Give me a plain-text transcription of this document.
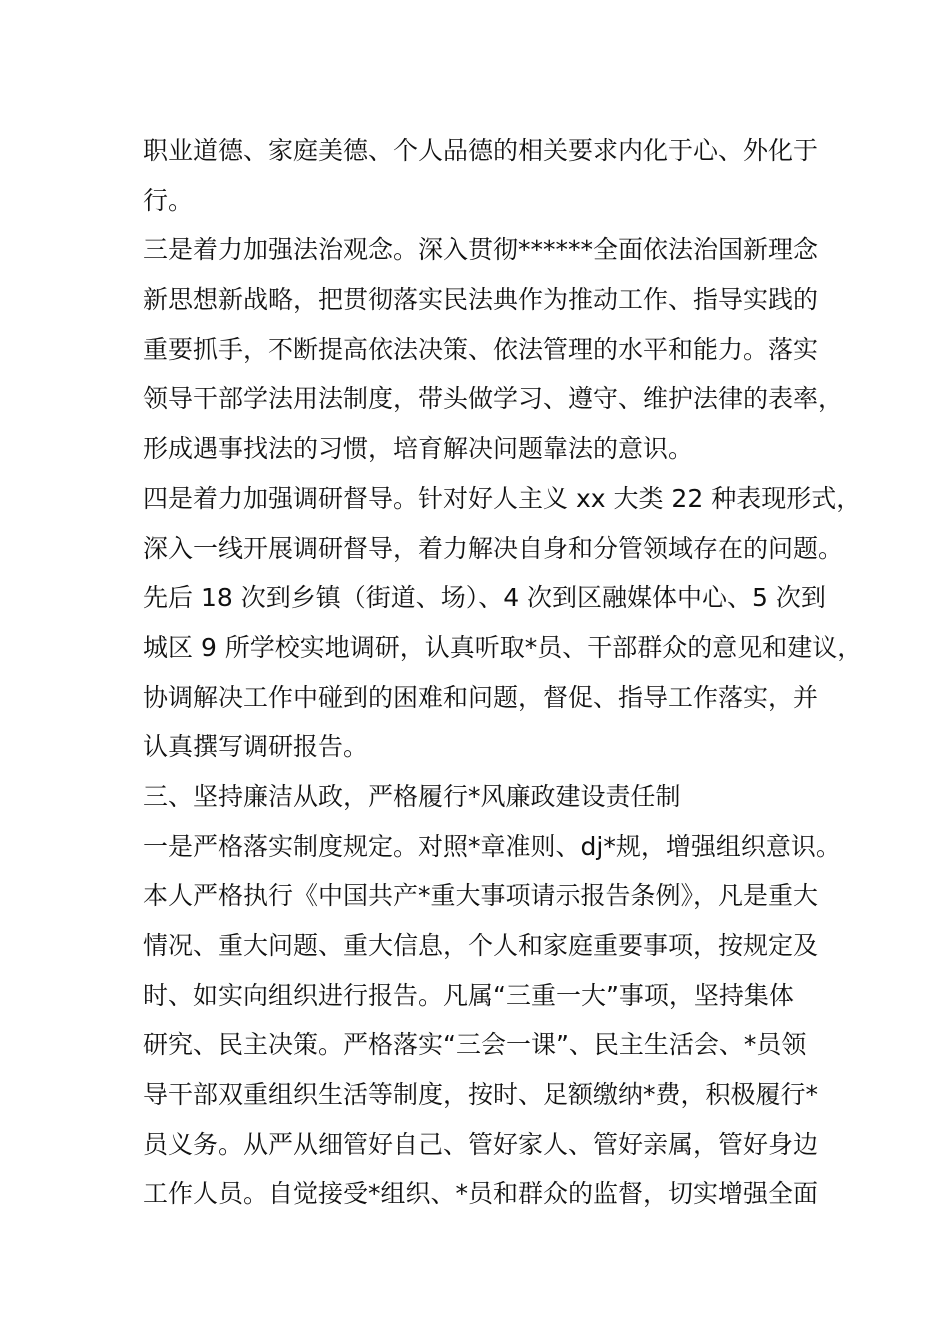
职业道德、家庭美德、个人品德的相关要求内化于心、外化于
行。
三是着力加强法治观念。深入贯彻******全面依法治国新理念
新思想新战略，把贯彻落实民法典作为推动工作、指导实践的
重要抓手，不断提高依法决策、依法管理的水平和能力。落实
领导干部学法用法制度，带头做学习、遵守、维护法律的表率，
形成遇事找法的习惯，培育解决问题靠法的意识。
四是着力加强调研督导。针对好人主义 xx 大类 22 种表现形式，
深入一线开展调研督导，着力解决自身和分管领域存在的问题。
先后 18 次到乡镇（街道、场）、4 次到区融媒体中心、5 次到
城区 9 所学校实地调研，认真听取*员、干部群众的意见和建议，
协调解决工作中碰到的困难和问题，督促、指导工作落实，并
认真撰写调研报告。
三、坚持廉洁从政，严格履行*风廉政建设责任制
一是严格落实制度规定。对照*章准则、dj*规，增强组织意识。
本人严格执行《中国共产*重大事项请示报告条例》，凡是重大
情况、重大问题、重大信息，个人和家庭重要事项，按规定及
时、如实向组织进行报告。凡属“三重一大”事项，坚持集体
研究、民主决策。严格落实“三会一课”、民主生活会、*员领
导干部双重组织生活等制度，按时、足额缴纳*费，积极履行*
员义务。从严从细管好自己、管好家人、管好亲属，管好身边
工作人员。自觉接受*组织、*员和群众的监督，切实增强全面
